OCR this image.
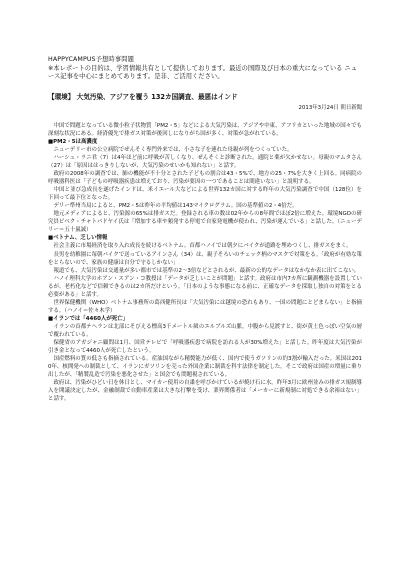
HAPPYCAMPUS予想時事問題
※本レポートの目的は、学習情報共有として提供しております。最近の国際及び日本の重大になっている ニュース記事を中心にまとめてあります。是非、ご活用ください。
【環境】 大気汚染、アジアを覆う 132カ国調査、最悪はインド
2013年3月24日 朝日新聞

中国で問題となっている微小粒子状物質「PM2・5」などによる大気汚染は、アジアや中東、アフリカといった地域の国々でも深刻な状況にある。経済優先で排ガス対策が後回しになりがち国が多く、対策が急がれている。

■PM2・5は高濃度

ニューデリー市の公立病院でぜんそく専門外来では、小さな子を連れた母親が列をつくっていた。

ハーシュ・ラニ君（7）は4年ほど前に呼吸が苦しくなり、ぜんそくと診断された。通院と薬が欠かせない。母親のマムタさん（27）は「原因ははっきりしないが、大気汚染のせいかも知れない」と話す。

政府の2008年の調査では、肺の機能が不十分とされた子どもの割合は43・5%で、地方の25・7%を大きく上回る。同病院の呼吸器科医は「子どもの呼吸器疾患は増えており、汚染が要因の一つであることは間違いない」と説明する。

中国と並び急成長を遂げたインドは、米イエール大などによる世界132カ国に対する昨年の大気汚染調査で中国（128位）を下回って最下位となった。

デリー準州当局によると、PM2・5は昨年の平均値は143マイクログラム。国の基準値の2・4倍だ。

地元メディアによると、汚染源の65%は排ガスだ。登録される車の数は02年からの8年間でほぼ2倍に増えた。環境NGOの研究員ビベク・チャトパドヤイ氏は「増加する車や頻発する停電で自家発電機が使われ、汚染が運んでいる」と話した。（ニューデリー＝五十嵐誠）

■ベトナム、乏しい情報

社会主義に市場経済を取り入れ成長を続けるベトナム。首都ハノイでは朝夕にバイクが道路を埋めつくし、排ガスをまく。

長男を幼稚園に毎朝バイクで送っているアインさん（34）は、親子そろいのチェック柄のマスクで対策をる。「政府が有効な策をとらないので、家族の健康は自分で守るしかない」

報道でも、大気汚染は交通量が多い都市では基準の2～3倍などとされるが、最新の公的なデータはなかなか表に出てこない。

ハノイ理科大学のホアン・スアン・コ教授は「データが乏しいことが問題」と話す。政府は市内7カ所に観測機器を設置しているが、老朽化などで信頼できるのは2カ所だけという。「日本のような事態になる前に、正確なデータを採取し独自の対策をとる必要がある」と話す。

世界保健機関（WHO）ベトナム事務所の葛西健所長は「大気汚染には越境の恐れもあり、一国の問題にとどまらない」と指摘する。（ハノイ＝佐々木学）

■イランでは「4460人が死亡」

イランの首都テヘランは北部にそびえる標高3千メートル級のエルブルズ山脈。中腹から見渡すと、街が黄土色っぽい空気の層で覆われている。

保健省のアガジャニ顧問は1月、国営テレビで「呼吸器疾患で病院を訪れる人が30%増えた」と話した。昨年度は大気汚染が引き金となって4460人が死亡したという。

国産燃料の質の低さも指摘されている。産油国ながら精製能力が低く、国内で使うガソリンの約3割が輸入だった。米国は2010年、核開発への制裁として、イランにガソリンを売った外国企業に制裁を科す法律を制定した。そこで政府は国産の増量に乗り出したが、「精製乱造で汚染を悪化させた」と国会でも問題視されている。

政府は、汚染がひどい日を休日とし、マイカー使用の自粛を呼びかけているが焼け石に水。昨年3月に欧州並みの排ガス規制導入を開議決定したが、金融制裁で自動車産業は大きな打撃を受け、業界関係者は「メーカーに新規制に対処できる余裕はない」と話す。
